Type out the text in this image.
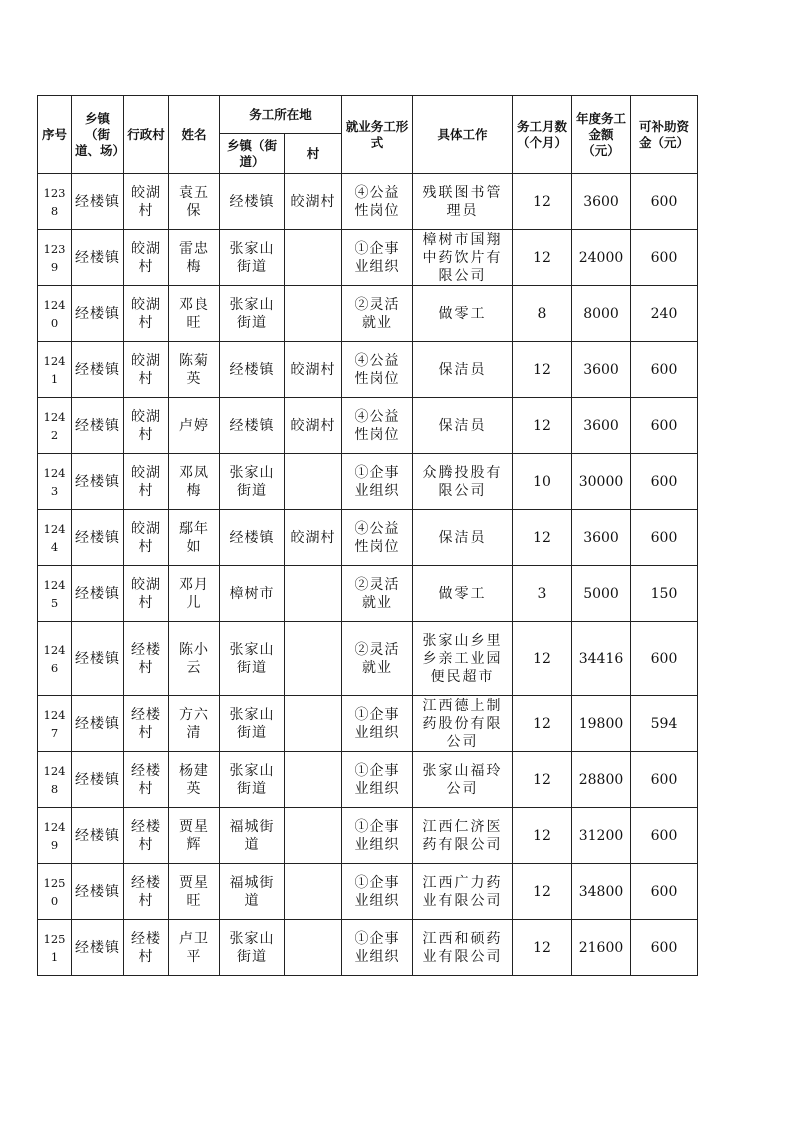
序号	乡镇（街道、场）	行政村	姓名	务工所在地		就业务工形式	具体工作	务工月数（个月）	年度务工金额（元）	可补助资金（元）
				乡镇（街道）	村					
1238	经楼镇	皎湖村	袁五保	经楼镇	皎湖村	④公益性岗位	残联图书管理员	12	3600	600
1239	经楼镇	皎湖村	雷忠梅	张家山街道		①企事业组织	樟树市国翔中药饮片有限公司	12	24000	600
1240	经楼镇	皎湖村	邓良旺	张家山街道		②灵活就业	做零工	8	8000	240
1241	经楼镇	皎湖村	陈菊英	经楼镇	皎湖村	④公益性岗位	保洁员	12	3600	600
1242	经楼镇	皎湖村	卢婷	经楼镇	皎湖村	④公益性岗位	保洁员	12	3600	600
1243	经楼镇	皎湖村	邓凤梅	张家山街道		①企事业组织	众腾投股有限公司	10	30000	600
1244	经楼镇	皎湖村	鄢年如	经楼镇	皎湖村	④公益性岗位	保洁员	12	3600	600
1245	经楼镇	皎湖村	邓月儿	樟树市		②灵活就业	做零工	3	5000	150
1246	经楼镇	经楼村	陈小云	张家山街道		②灵活就业	张家山乡里乡亲工业园便民超市	12	34416	600
1247	经楼镇	经楼村	方六清	张家山街道		①企事业组织	江西德上制药股份有限公司	12	19800	594
1248	经楼镇	经楼村	杨建英	张家山街道		①企事业组织	张家山福玲公司	12	28800	600
1249	经楼镇	经楼村	贾星辉	福城街道		①企事业组织	江西仁济医药有限公司	12	31200	600
1250	经楼镇	经楼村	贾星旺	福城街道		①企事业组织	江西广力药业有限公司	12	34800	600
1251	经楼镇	经楼村	卢卫平	张家山街道		①企事业组织	江西和硕药业有限公司	12	21600	600
